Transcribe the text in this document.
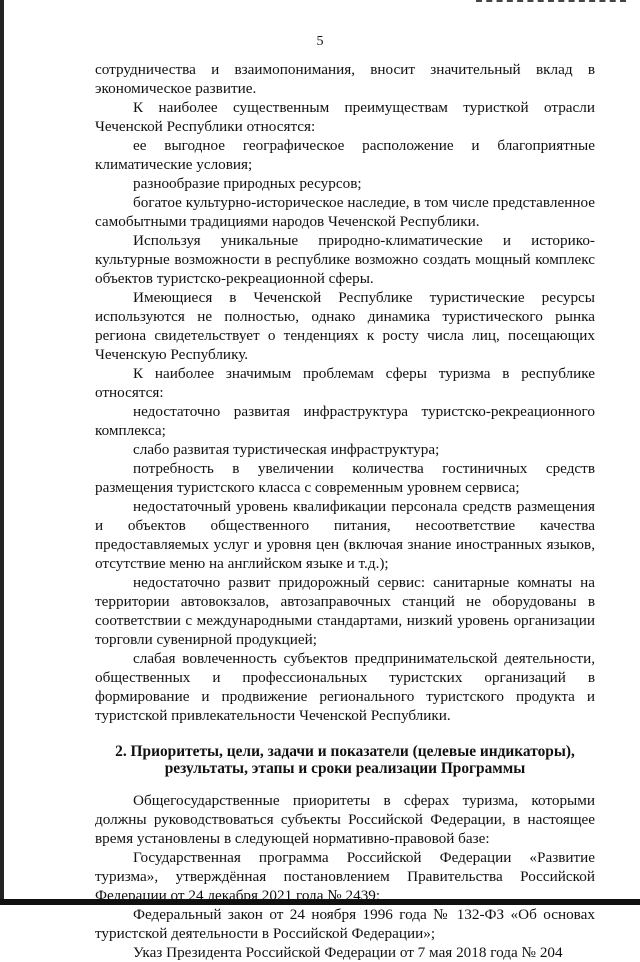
5

сотрудничества и взаимопонимания, вносит значительный вклад в экономическое развитие.

К наиболее существенным преимуществам туристкой отрасли Чеченской Республики относятся:

ее выгодное географическое расположение и благоприятные климатические условия;

разнообразие природных ресурсов;

богатое культурно-историческое наследие, в том числе представленное самобытными традициями народов Чеченской Республики.

Используя уникальные природно-климатические и историко-культурные возможности в республике возможно создать мощный комплекс объектов туристско-рекреационной сферы.

Имеющиеся в Чеченской Республике туристические ресурсы используются не полностью, однако динамика туристического рынка региона свидетельствует о тенденциях к росту числа лиц, посещающих Чеченскую Республику.

К наиболее значимым проблемам сферы туризма в республике относятся:

недостаточно развитая инфраструктура туристско-рекреационного комплекса;

слабо развитая туристическая инфраструктура;

потребность в увеличении количества гостиничных средств размещения туристского класса с современным уровнем сервиса;

недостаточный уровень квалификации персонала средств размещения и объектов общественного питания, несоответствие качества предоставляемых услуг и уровня цен (включая знание иностранных языков, отсутствие меню на английском языке и т.д.);

недостаточно развит придорожный сервис: санитарные комнаты на территории автовокзалов, автозаправочных станций не оборудованы в соответствии с международными стандартами, низкий уровень организации торговли сувенирной продукцией;

слабая вовлеченность субъектов предпринимательской деятельности, общественных и профессиональных туристских организаций в формирование и продвижение регионального туристского продукта и туристской привлекательности Чеченской Республики.

2. Приоритеты, цели, задачи и показатели (целевые индикаторы), результаты, этапы и сроки реализации Программы

Общегосударственные приоритеты в сферах туризма, которыми должны руководствоваться субъекты Российской Федерации, в настоящее время установлены в следующей нормативно-правовой базе:

Государственная программа Российской Федерации «Развитие туризма», утверждённая постановлением Правительства Российской Федерации от 24 декабря 2021 года № 2439;

Федеральный закон от 24 ноября 1996 года № 132-ФЗ «Об основах туристской деятельности в Российской Федерации»;

Указ Президента Российской Федерации от 7 мая 2018 года № 204
